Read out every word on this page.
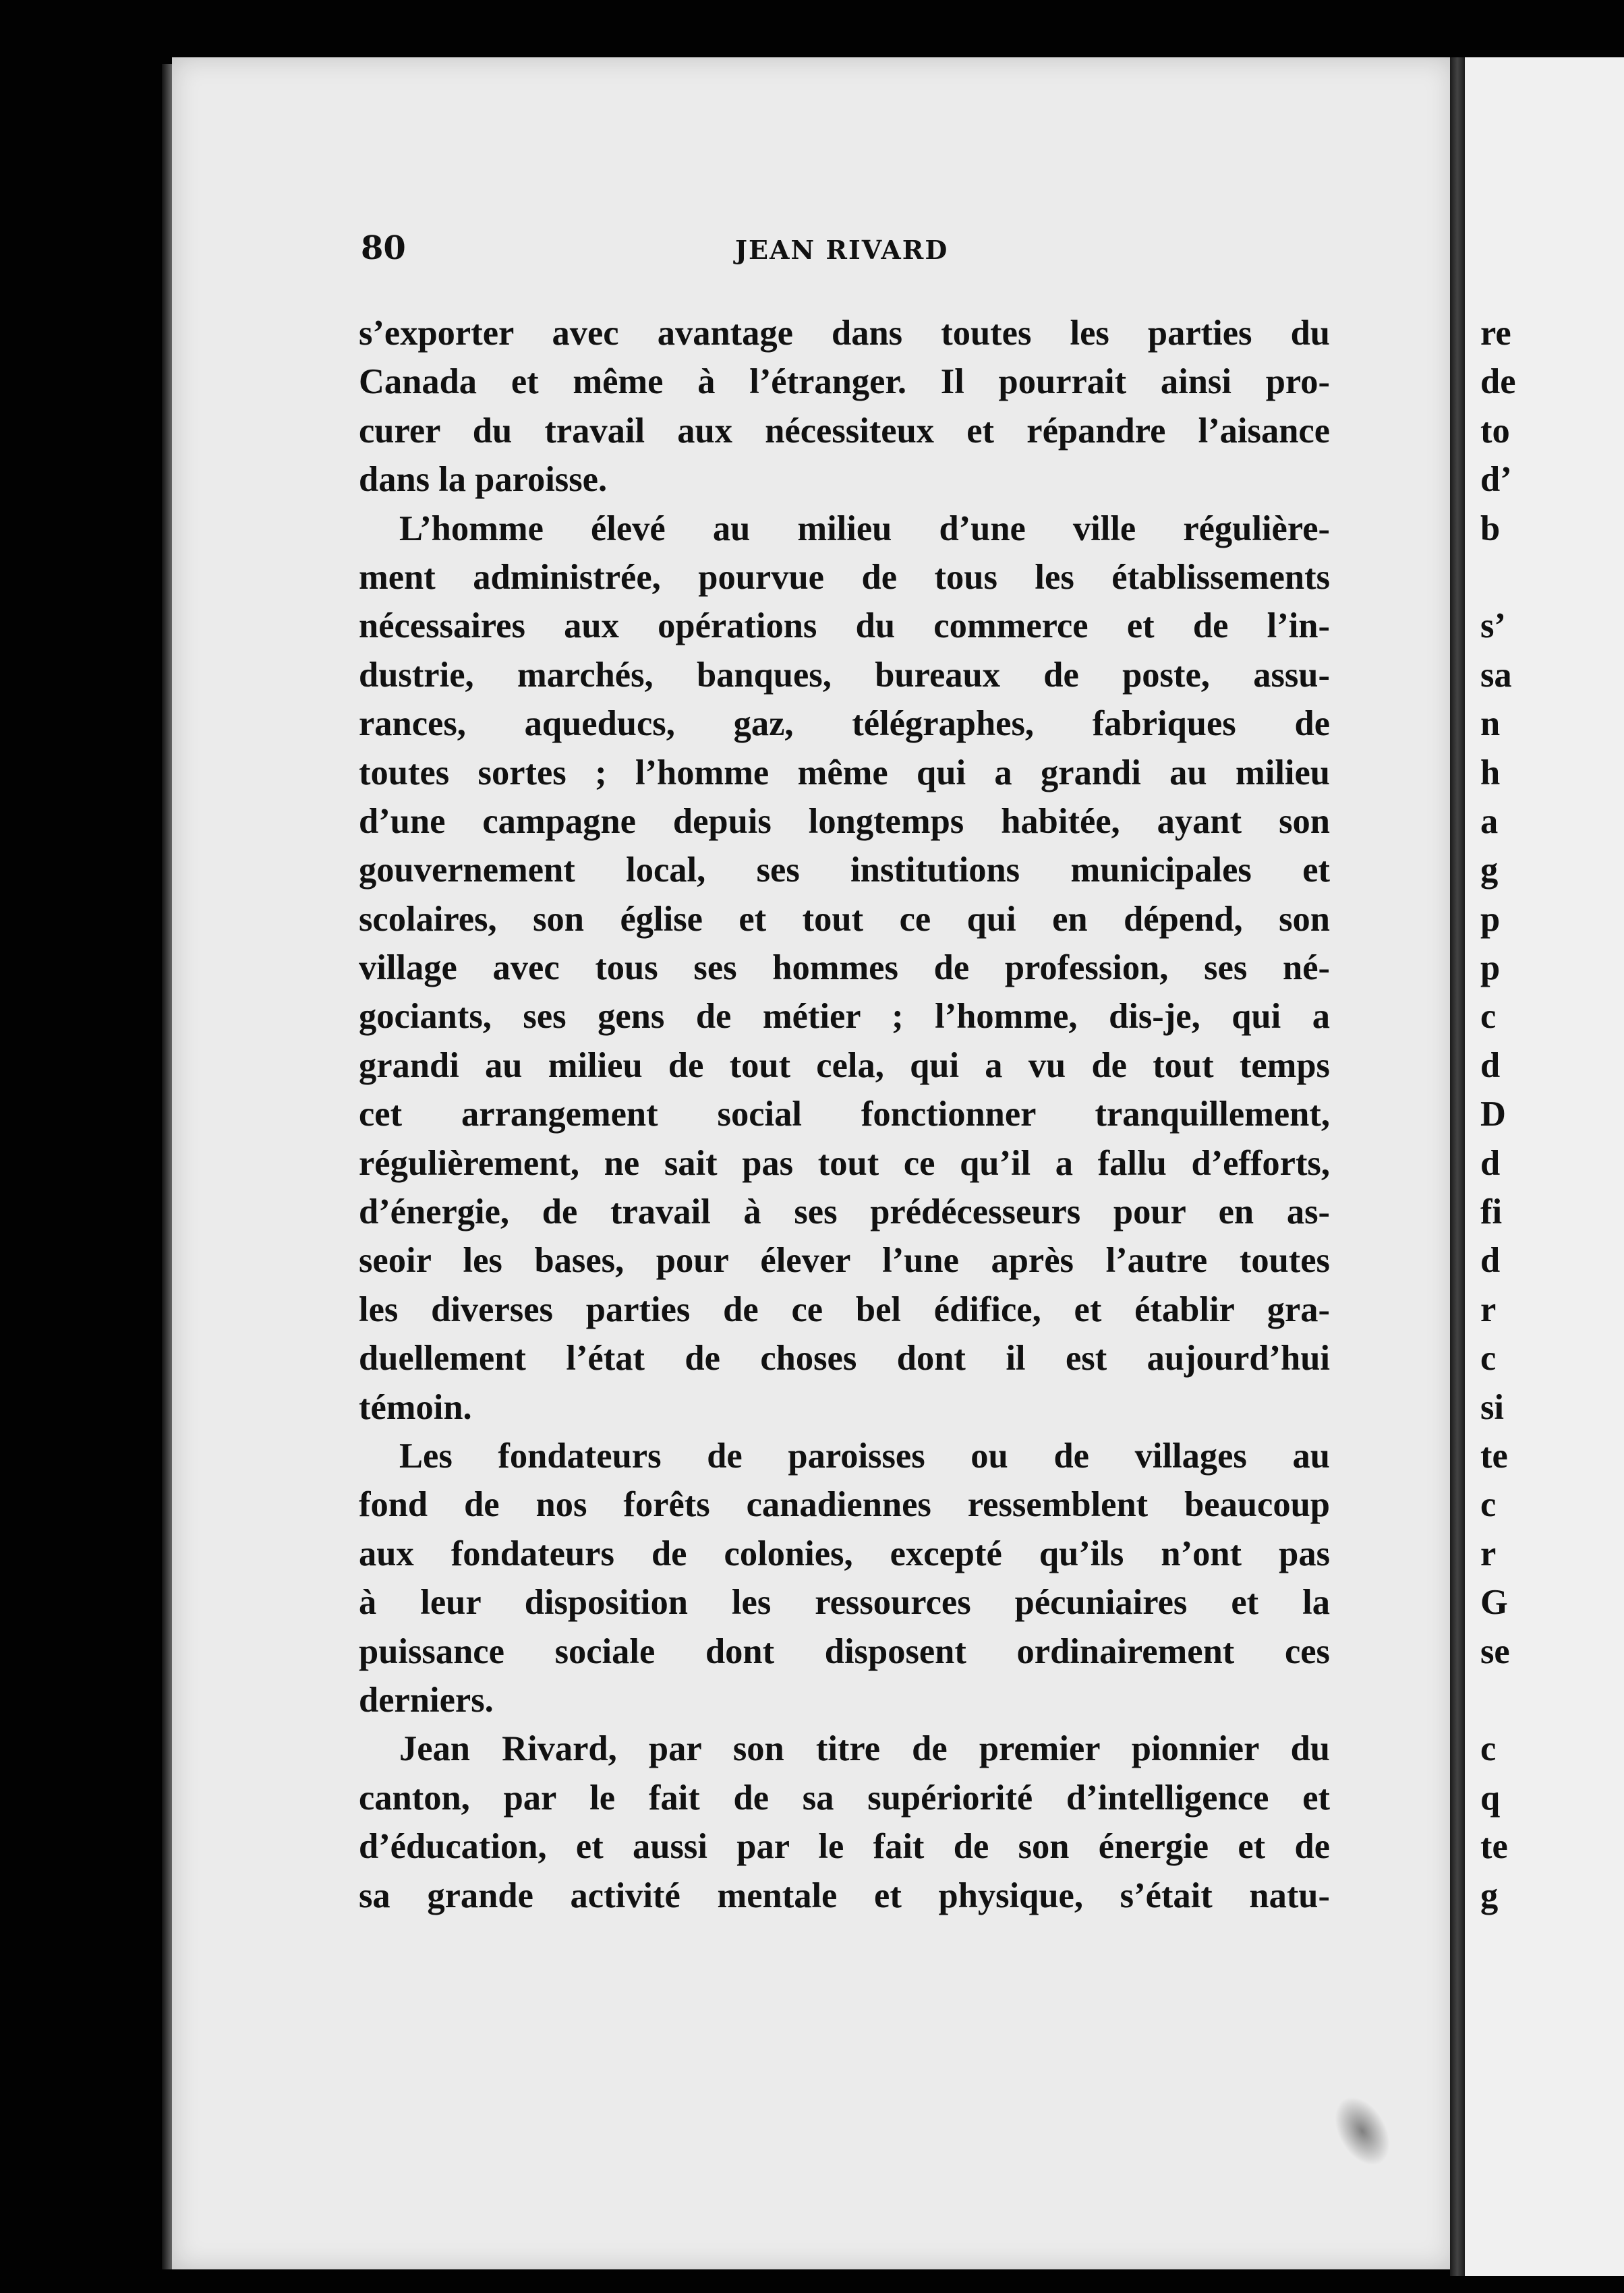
80	JEAN RIVARD
s’exporter avec avantage dans toutes les parties du
Canada et même à l’étranger. Il pourrait ainsi pro-
curer du travail aux nécessiteux et répandre l’aisance
dans la paroisse.
L’homme élevé au milieu d’une ville régulière-
ment administrée, pourvue de tous les établissements
nécessaires aux opérations du commerce et de l’in-
dustrie, marchés, banques, bureaux de poste, assu-
rances, aqueducs, gaz, télégraphes, fabriques de
toutes sortes ; l’homme même qui a grandi au milieu
d’une campagne depuis longtemps habitée, ayant son
gouvernement local, ses institutions municipales et
scolaires, son église et tout ce qui en dépend, son
village avec tous ses hommes de profession, ses né-
gociants, ses gens de métier ; l’homme, dis-je, qui a
grandi au milieu de tout cela, qui a vu de tout temps
cet arrangement social fonctionner tranquillement,
régulièrement, ne sait pas tout ce qu’il a fallu d’efforts,
d’énergie, de travail à ses prédécesseurs pour en as-
seoir les bases, pour élever l’une après l’autre toutes
les diverses parties de ce bel édifice, et établir gra-
duellement l’état de choses dont il est aujourd’hui
témoin.
Les fondateurs de paroisses ou de villages au
fond de nos forêts canadiennes ressemblent beaucoup
aux fondateurs de colonies, excepté qu’ils n’ont pas
à leur disposition les ressources pécuniaires et la
puissance sociale dont disposent ordinairement ces
derniers.
Jean Rivard, par son titre de premier pionnier du
canton, par le fait de sa supériorité d’intelligence et
d’éducation, et aussi par le fait de son énergie et de
sa grande activité mentale et physique, s’était natu-
re
de
to
d’
b
s’
sa
n
h
a
g
p
p
c
d
D
d
fi
d
r
c
si
te
c
r
G
se
c
q
te
g
